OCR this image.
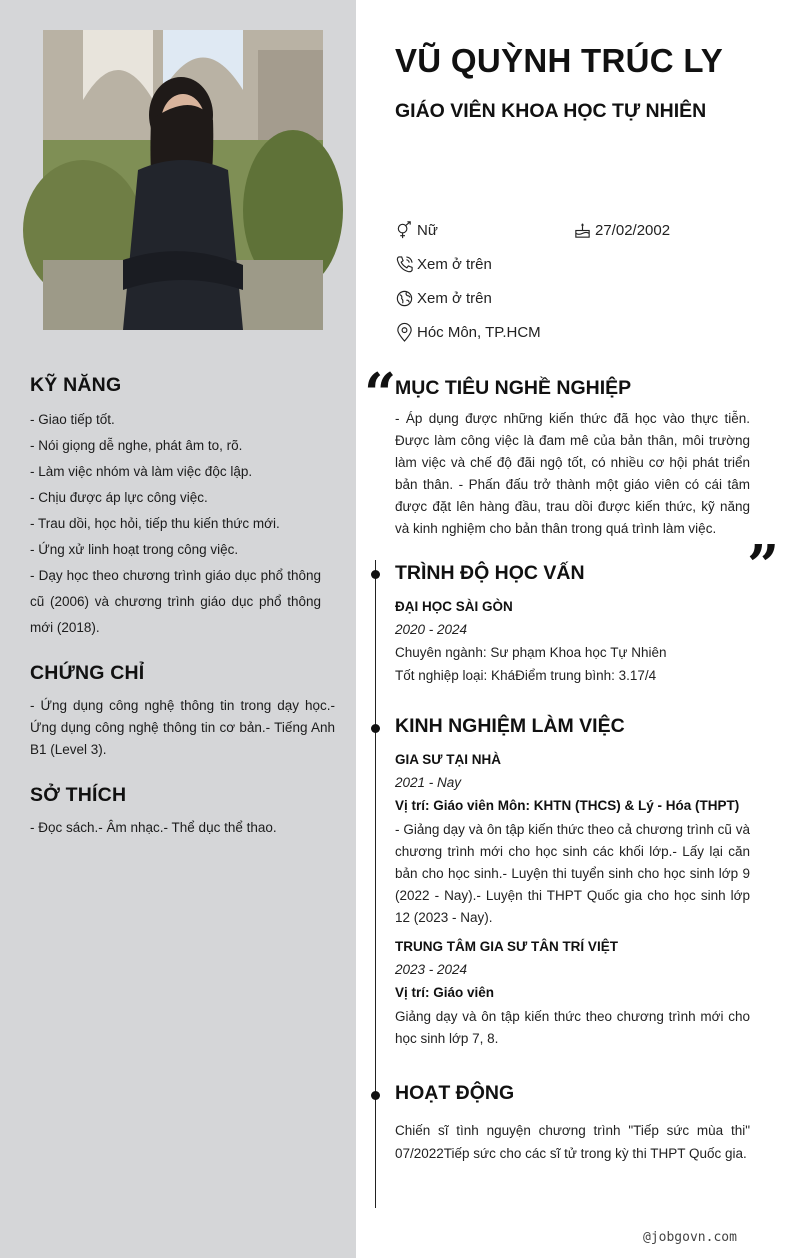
KỸ NĂNG
- Giao tiếp tốt.
- Nói giọng dễ nghe, phát âm to, rõ.
- Làm việc nhóm và làm việc độc lập.
- Chịu được áp lực công việc.
- Trau dồi, học hỏi, tiếp thu kiến thức mới.
- Ứng xử linh hoạt trong công việc.
- Dạy học theo chương trình giáo dục phổ thông cũ (2006) và chương trình giáo dục phổ thông mới (2018).
CHỨNG CHỈ
- Ứng dụng công nghệ thông tin trong dạy học.- Ứng dụng công nghệ thông tin cơ bản.- Tiếng Anh B1 (Level 3).
SỞ THÍCH
- Đọc sách.- Âm nhạc.- Thể dục thể thao.
VŨ QUỲNH TRÚC LY
GIÁO VIÊN KHOA HỌC TỰ NHIÊN
Nữ	27/02/2002
Xem ở trên
Xem ở trên
Hóc Môn, TP.HCM
“
MỤC TIÊU NGHỀ NGHIỆP
- Áp dụng được những kiến thức đã học vào thực tiễn. Được làm công việc là đam mê của bản thân, môi trường làm việc và chế độ đãi ngộ tốt, có nhiều cơ hội phát triển bản thân. - Phấn đấu trở thành một giáo viên có cái tâm được đặt lên hàng đầu, trau dồi được kiến thức, kỹ năng và kinh nghiệm cho bản thân trong quá trình làm việc.
”
TRÌNH ĐỘ HỌC VẤN
ĐẠI HỌC SÀI GÒN
2020 - 2024
Chuyên ngành: Sư phạm Khoa học Tự Nhiên
Tốt nghiệp loại: KháĐiểm trung bình: 3.17/4
KINH NGHIỆM LÀM VIỆC
GIA SƯ TẠI NHÀ
2021 - Nay
Vị trí: Giáo viên Môn: KHTN (THCS) & Lý - Hóa (THPT)
- Giảng dạy và ôn tập kiến thức theo cả chương trình cũ và chương trình mới cho học sinh các khối lớp.- Lấy lại căn bản cho học sinh.- Luyện thi tuyển sinh cho học sinh lớp 9 (2022 - Nay).- Luyện thi THPT Quốc gia cho học sinh lớp 12 (2023 - Nay).
TRUNG TÂM GIA SƯ TÂN TRÍ VIỆT
2023 - 2024
Vị trí: Giáo viên
Giảng dạy và ôn tập kiến thức theo chương trình mới cho học sinh lớp 7, 8.
HOẠT ĐỘNG
Chiến sĩ tình nguyện chương trình "Tiếp sức mùa thi" 07/2022Tiếp sức cho các sĩ tử trong kỳ thi THPT Quốc gia.
@jobgovn.com
